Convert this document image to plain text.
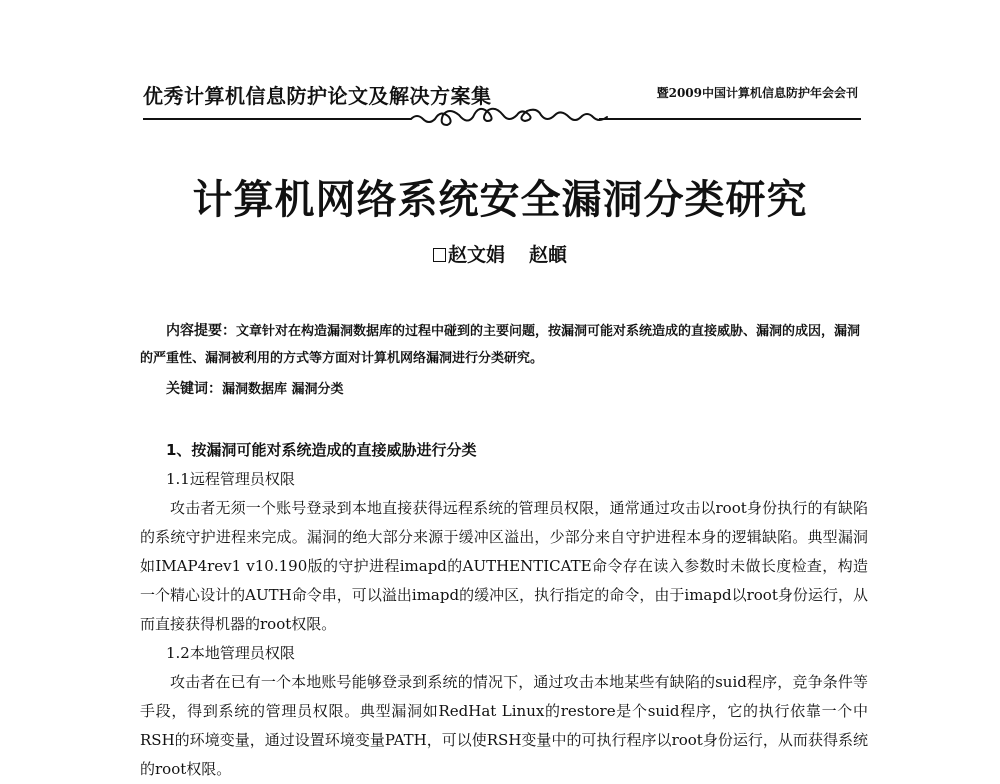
优秀计算机信息防护论文及解决方案集	暨2009中国计算机信息防护年会会刊
计算机网络系统安全漏洞分类研究
赵文娟 赵頔
内容提要：文章针对在构造漏洞数据库的过程中碰到的主要问题，按漏洞可能对系统造成的直接威胁、漏洞的成因，漏洞的严重性、漏洞被利用的方式等方面对计算机网络漏洞进行分类研究。
关键词：漏洞数据库 漏洞分类
1、按漏洞可能对系统造成的直接威胁进行分类
1.1远程管理员权限
攻击者无须一个账号登录到本地直接获得远程系统的管理员权限，通常通过攻击以root身份执行的有缺陷的系统守护进程来完成。漏洞的绝大部分来源于缓冲区溢出，少部分来自守护进程本身的逻辑缺陷。典型漏洞如IMAP4rev1 v10.190版的守护进程imapd的AUTHENTICATE命令存在读入参数时未做长度检查，构造一个精心设计的AUTH命令串，可以溢出imapd的缓冲区，执行指定的命令，由于imapd以root身份运行，从而直接获得机器的root权限。
1.2本地管理员权限
攻击者在已有一个本地账号能够登录到系统的情况下，通过攻击本地某些有缺陷的suid程序，竞争条件等手段，得到系统的管理员权限。典型漏洞如RedHat Linux的restore是个suid程序，它的执行依靠一个中RSH的环境变量，通过设置环境变量PATH，可以使RSH变量中的可执行程序以root身份运行，从而获得系统的root权限。
